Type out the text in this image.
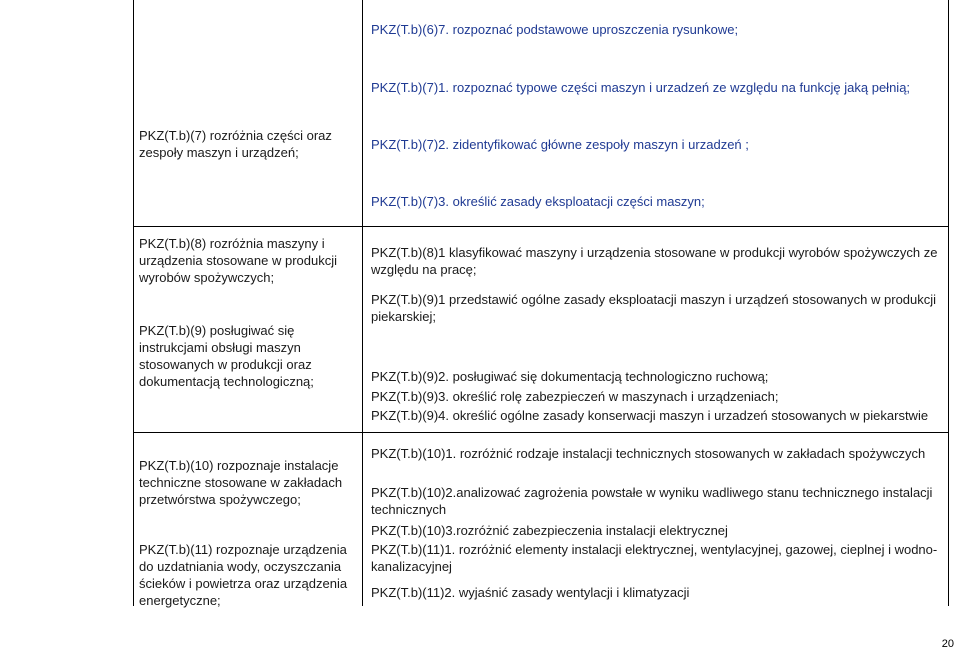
PKZ(T.b)(6)7. rozpoznać podstawowe uproszczenia rysunkowe;

PKZ(T.b)(7) rozróżnia części oraz zespoły maszyn i urządzeń;

PKZ(T.b)(7)1. rozpoznać typowe części maszyn i urzadzeń ze względu na funkcję jaką pełnią;

PKZ(T.b)(7)2. zidentyfikować główne zespoły maszyn i urzadzeń ;

PKZ(T.b)(7)3. określić zasady eksploatacji części maszyn;

PKZ(T.b)(8) rozróżnia maszyny i urządzenia stosowane w produkcji wyrobów spożywczych;

PKZ(T.b)(9) posługiwać się instrukcjami obsługi maszyn stosowanych w produkcji oraz dokumentacją technologiczną;

PKZ(T.b)(8)1 klasyfikować maszyny i urządzenia stosowane w produkcji wyrobów spożywczych ze względu na pracę;

PKZ(T.b)(9)1 przedstawić ogólne zasady eksploatacji maszyn i urządzeń stosowanych w produkcji piekarskiej;

PKZ(T.b)(9)2. posługiwać się dokumentacją technologiczno ruchową;

PKZ(T.b)(9)3. określić rolę zabezpieczeń w maszynach i urządzeniach;

PKZ(T.b)(9)4. określić ogólne zasady konserwacji maszyn i urzadzeń stosowanych w piekarstwie

PKZ(T.b)(10) rozpoznaje instalacje techniczne stosowane w zakładach przetwórstwa spożywczego;

PKZ(T.b)(11) rozpoznaje urządzenia do uzdatniania wody, oczyszczania ścieków i powietrza oraz urządzenia energetyczne;

PKZ(T.b)(10)1. rozróżnić rodzaje instalacji technicznych stosowanych w zakładach spożywczych

PKZ(T.b)(10)2.analizować zagrożenia powstałe w wyniku wadliwego stanu technicznego instalacji technicznych

PKZ(T.b)(10)3.rozróżnić zabezpieczenia instalacji elektrycznej

PKZ(T.b)(11)1. rozróżnić elementy instalacji elektrycznej, wentylacyjnej, gazowej, cieplnej i wodno-kanalizacyjnej

PKZ(T.b)(11)2. wyjaśnić zasady wentylacji i klimatyzacji

20
